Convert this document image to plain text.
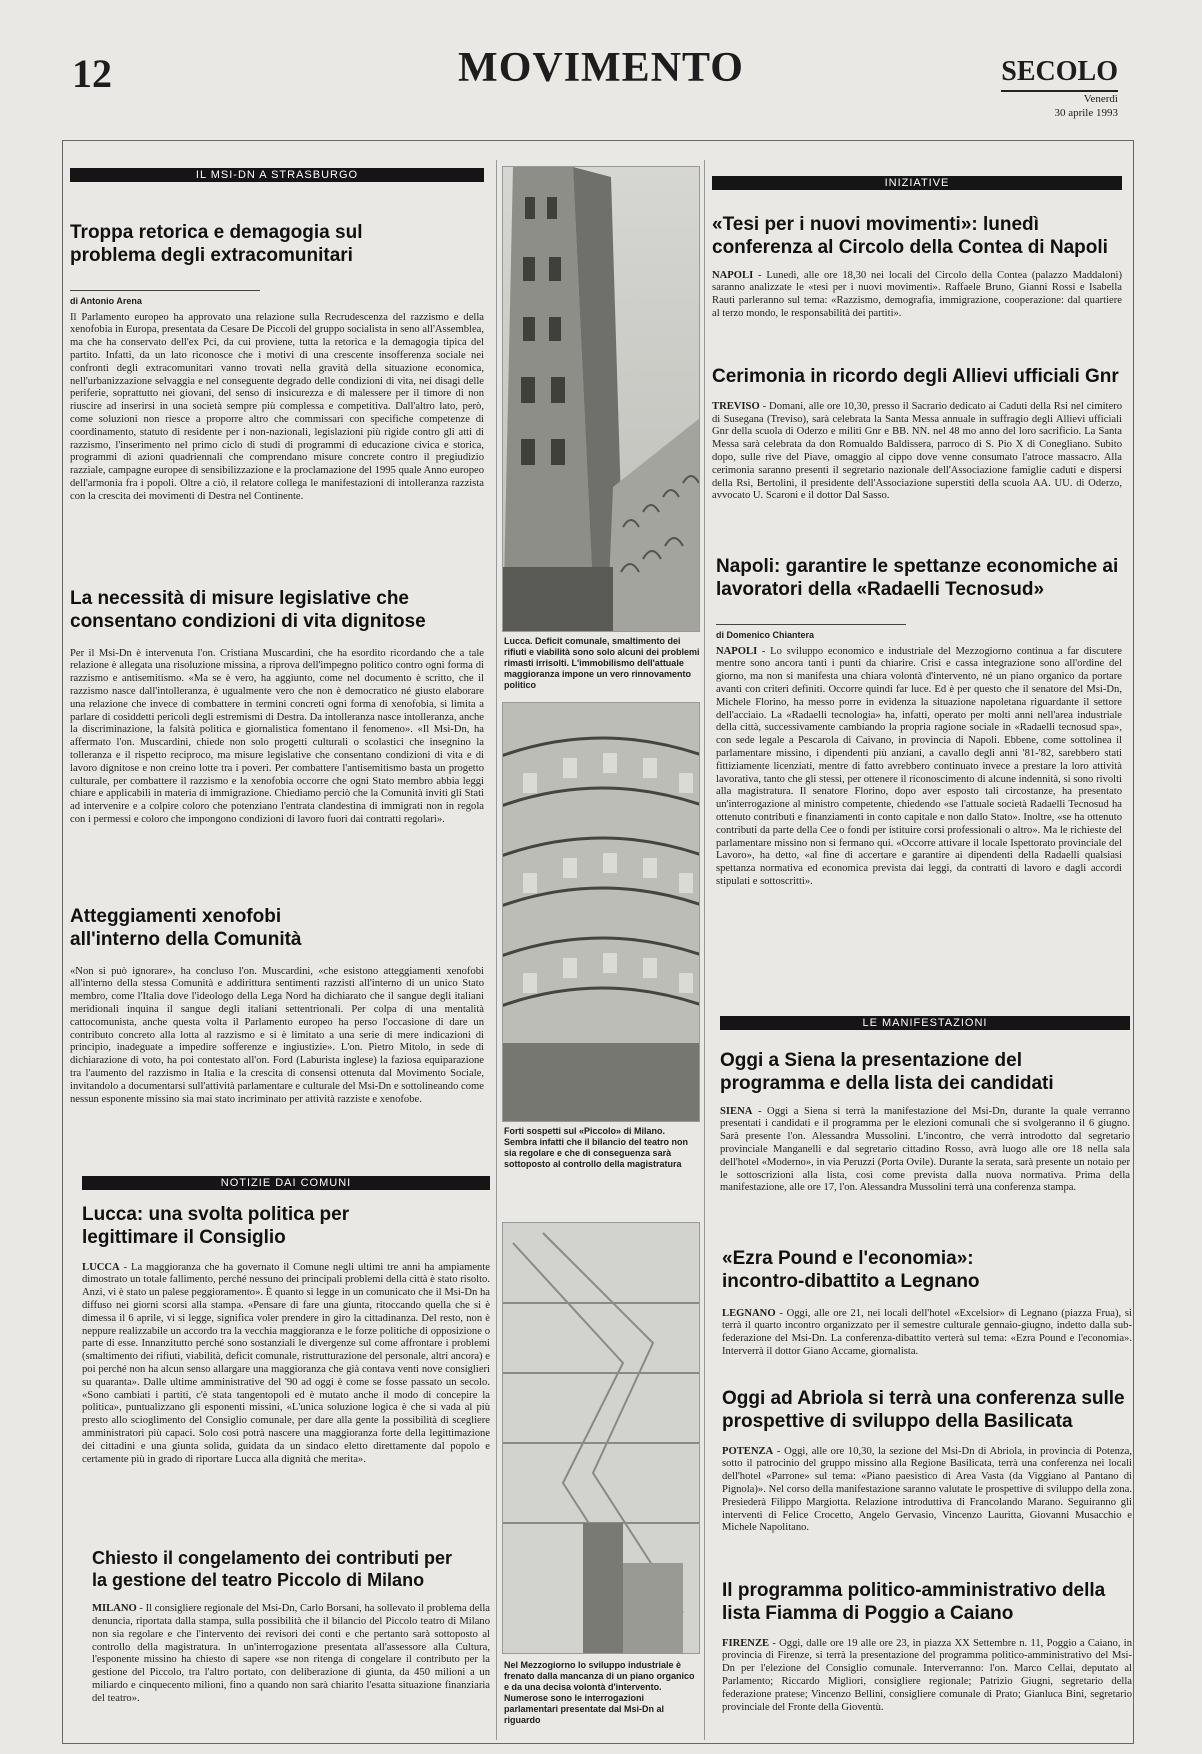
12	MOVIMENTO	SECOLO
Venerdì
30 aprile 1993
IL MSI-DN A STRASBURGO
Troppa retorica e demagogia sul problema degli extracomunitari

di Antonio Arena

Il Parlamento europeo ha approvato una relazione sulla Recrudescenza del razzismo e della xenofobia in Europa, presentata da Cesare De Piccoli del gruppo socialista in seno all'Assemblea, ma che ha conservato dell'ex Pci, da cui proviene, tutta la retorica e la demagogia tipica del partito. Infatti, da un lato riconosce che i motivi di una crescente insofferenza sociale nei confronti degli extracomunitari vanno trovati nella gravità della situazione economica, nell'urbanizzazione selvaggia e nel conseguente degrado delle condizioni di vita, nei disagi delle periferie, soprattutto nei giovani, del senso di insicurezza e di malessere per il timore di non riuscire ad inserirsi in una società sempre più complessa e competitiva. Dall'altro lato, però, come soluzioni non riesce a proporre altro che commissari con specifiche competenze di coordinamento, statuto di residente per i non-nazionali, legislazioni più rigide contro gli atti di razzismo, l'inserimento nel primo ciclo di studi di programmi di educazione civica e storica, programmi di azioni quadriennali che comprendano misure concrete contro il pregiudizio razziale, campagne europee di sensibilizzazione e la proclamazione del 1995 quale Anno europeo dell'armonia fra i popoli. Oltre a ciò, il relatore collega le manifestazioni di intolleranza razzista con la crescita dei movimenti di Destra nel Continente.

La necessità di misure legislative che consentano condizioni di vita dignitose

Per il Msi-Dn è intervenuta l'on. Cristiana Muscardini, che ha esordito ricordando che a tale relazione è allegata una risoluzione missina, a riprova dell'impegno politico contro ogni forma di razzismo e antisemitismo. «Ma se è vero, ha aggiunto, come nel documento è scritto, che il razzismo nasce dall'intolleranza, è ugualmente vero che non è democratico né giusto elaborare una relazione che invece di combattere in termini concreti ogni forma di xenofobia, si limita a parlare di cosiddetti pericoli degli estremismi di Destra. Da intolleranza nasce intolleranza, anche la discriminazione, la falsità politica e giornalistica fomentano il fenomeno». «Il Msi-Dn, ha affermato l'on. Muscardini, chiede non solo progetti culturali o scolastici che insegnino la tolleranza e il rispetto reciproco, ma misure legislative che consentano condizioni di vita e di lavoro dignitose e non creino lotte tra i poveri. Per combattere l'antisemitismo basta un progetto culturale, per combattere il razzismo e la xenofobia occorre che ogni Stato membro abbia leggi chiare e applicabili in materia di immigrazione. Chiediamo perciò che la Comunità inviti gli Stati ad intervenire e a colpire coloro che potenziano l'entrata clandestina di immigrati non in regola con i permessi e coloro che impongono condizioni di lavoro fuori dai contratti regolari».

Atteggiamenti xenofobi all'interno della Comunità

«Non si può ignorare», ha concluso l'on. Muscardini, «che esistono atteggiamenti xenofobi all'interno della stessa Comunità e addirittura sentimenti razzisti all'interno di un unico Stato membro, come l'Italia dove l'ideologo della Lega Nord ha dichiarato che il sangue degli italiani meridionali inquina il sangue degli italiani settentrionali. Per colpa di una mentalità cattocomunista, anche questa volta il Parlamento europeo ha perso l'occasione di dare un contributo concreto alla lotta al razzismo e si è limitato a una serie di mere indicazioni di principio, inadeguate a impedire sofferenze e ingiustizie». L'on. Pietro Mitolo, in sede di dichiarazione di voto, ha poi contestato all'on. Ford (Laburista inglese) la faziosa equiparazione tra l'aumento del razzismo in Italia e la crescita di consensi ottenuta dal Movimento Sociale, invitandolo a documentarsi sull'attività parlamentare e culturale del Msi-Dn e sottolineando come nessun esponente missino sia mai stato incriminato per attività razziste e xenofobe.

NOTIZIE DAI COMUNI
Lucca: una svolta politica per legittimare il Consiglio

LUCCA - La maggioranza che ha governato il Comune negli ultimi tre anni ha ampiamente dimostrato un totale fallimento, perché nessuno dei principali problemi della città è stato risolto. Anzi, vi è stato un palese peggioramento». È quanto si legge in un comunicato che il Msi-Dn ha diffuso nei giorni scorsi alla stampa. «Pensare di fare una giunta, ritoccando quella che si è dimessa il 6 aprile, vi si legge, significa voler prendere in giro la cittadinanza. Del resto, non è neppure realizzabile un accordo tra la vecchia maggioranza e le forze politiche di opposizione o parte di esse. Innanzitutto perché sono sostanziali le divergenze sul come affrontare i problemi (smaltimento dei rifiuti, viabilità, deficit comunale, ristrutturazione del personale, altri ancora) e poi perché non ha alcun senso allargare una maggioranza che già contava venti nove consiglieri su quaranta». Dalle ultime amministrative del '90 ad oggi è come se fosse passato un secolo. «Sono cambiati i partiti, c'è stata tangentopoli ed è mutato anche il modo di concepire la politica», puntualizzano gli esponenti missini, «L'unica soluzione logica è che si vada al più presto allo scioglimento del Consiglio comunale, per dare alla gente la possibilità di scegliere amministratori più capaci. Solo così potrà nascere una maggioranza forte della legittimazione dei cittadini e una giunta solida, guidata da un sindaco eletto direttamente dal popolo e certamente più in grado di riportare Lucca alla dignità che merita».

Chiesto il congelamento dei contributi per la gestione del teatro Piccolo di Milano

MILANO - Il consigliere regionale del Msi-Dn, Carlo Borsani, ha sollevato il problema della denuncia, riportata dalla stampa, sulla possibilità che il bilancio del Piccolo teatro di Milano non sia regolare e che l'intervento dei revisori dei conti e che pertanto sarà sottoposto al controllo della magistratura. In un'interrogazione presentata all'assessore alla Cultura, l'esponente missino ha chiesto di sapere «se non ritenga di congelare il contributo per la gestione del Piccolo, tra l'altro portato, con deliberazione di giunta, da 450 milioni a un miliardo e cinquecento milioni, fino a quando non sarà chiarito l'esatta situazione finanziaria del teatro».

Lucca. Deficit comunale, smaltimento dei rifiuti e viabilità sono solo alcuni dei problemi rimasti irrisolti. L'immobilismo dell'attuale maggioranza impone un vero rinnovamento politico
Forti sospetti sul «Piccolo» di Milano. Sembra infatti che il bilancio del teatro non sia regolare e che di conseguenza sarà sottoposto al controllo della magistratura
Nel Mezzogiorno lo sviluppo industriale è frenato dalla mancanza di un piano organico e da una decisa volontà d'intervento. Numerose sono le interrogazioni parlamentari presentate dal Msi-Dn al riguardo
INIZIATIVE
«Tesi per i nuovi movimenti»: lunedì conferenza al Circolo della Contea di Napoli

NAPOLI - Lunedì, alle ore 18,30 nei locali del Circolo della Contea (palazzo Maddaloni) saranno analizzate le «tesi per i nuovi movimenti». Raffaele Bruno, Gianni Rossi e Isabella Rauti parleranno sul tema: «Razzismo, demografia, immigrazione, cooperazione: dal quartiere al terzo mondo, le responsabilità dei partiti».

Cerimonia in ricordo degli Allievi ufficiali Gnr

TREVISO - Domani, alle ore 10,30, presso il Sacrario dedicato ai Caduti della Rsi nel cimitero di Susegana (Treviso), sarà celebrata la Santa Messa annuale in suffragio degli Allievi ufficiali Gnr della scuola di Oderzo e militi Gnr e BB. NN. nel 48 mo anno del loro sacrificio. La Santa Messa sarà celebrata da don Romualdo Baldissera, parroco di S. Pio X di Conegliano. Subito dopo, sulle rive del Piave, omaggio al cippo dove venne consumato l'atroce massacro. Alla cerimonia saranno presenti il segretario nazionale dell'Associazione famiglie caduti e dispersi della Rsi, Bertolini, il presidente dell'Associazione superstiti della scuola AA. UU. di Oderzo, avvocato U. Scaroni e il dottor Dal Sasso.

Napoli: garantire le spettanze economiche ai lavoratori della «Radaelli Tecnosud»

di Domenico Chiantera

NAPOLI - Lo sviluppo economico e industriale del Mezzogiorno continua a far discutere mentre sono ancora tanti i punti da chiarire. Crisi e cassa integrazione sono all'ordine del giorno, ma non si manifesta una chiara volontà d'intervento, né un piano organico da portare avanti con criteri definiti. Occorre quindi far luce. Ed è per questo che il senatore del Msi-Dn, Michele Florino, ha messo porre in evidenza la situazione napoletana riguardante il settore dell'acciaio. La «Radaelli tecnologia» ha, infatti, operato per molti anni nell'area industriale della città, successivamente cambiando la propria ragione sociale in «Radaelli tecnosud spa», con sede legale a Pescarola di Caivano, in provincia di Napoli. Ebbene, come sottolinea il parlamentare missino, i dipendenti più anziani, a cavallo degli anni '81-'82, sarebbero stati fittiziamente licenziati, mentre di fatto avrebbero continuato invece a prestare la loro attività lavorativa, tanto che gli stessi, per ottenere il riconoscimento di alcune indennità, si sono rivolti alla magistratura. Il senatore Florino, dopo aver esposto tali circostanze, ha presentato un'interrogazione al ministro competente, chiedendo «se l'attuale società Radaelli Tecnosud ha ottenuto contributi e finanziamenti in conto capitale e non dallo Stato». Inoltre, «se ha ottenuto contributi da parte della Cee o fondi per istituire corsi professionali o altro». Ma le richieste del parlamentare missino non si fermano qui. «Occorre attivare il locale Ispettorato provinciale del Lavoro», ha detto, «al fine di accertare e garantire ai dipendenti della Radaelli qualsiasi spettanza normativa ed economica prevista dai leggi, da contratti di lavoro e dagli accordi stipulati e sottoscritti».

LE MANIFESTAZIONI
Oggi a Siena la presentazione del programma e della lista dei candidati

SIENA - Oggi a Siena si terrà la manifestazione del Msi-Dn, durante la quale verranno presentati i candidati e il programma per le elezioni comunali che si svolgeranno il 6 giugno. Sarà presente l'on. Alessandra Mussolini. L'incontro, che verrà introdotto dal segretario provinciale Manganelli e dal segretario cittadino Rosso, avrà luogo alle ore 18 nella sala dell'hotel «Moderno», in via Peruzzi (Porta Ovile). Durante la serata, sarà presente un notaio per le sottoscrizioni alla lista, così come prevista dalla nuova normativa. Prima della manifestazione, alle ore 17, l'on. Alessandra Mussolini terrà una conferenza stampa.

«Ezra Pound e l'economia»: incontro-dibattito a Legnano

LEGNANO - Oggi, alle ore 21, nei locali dell'hotel «Excelsior» di Legnano (piazza Frua), si terrà il quarto incontro organizzato per il semestre culturale gennaio-giugno, indetto dalla sub-federazione del Msi-Dn. La conferenza-dibattito verterà sul tema: «Ezra Pound e l'economia». Interverrà il dottor Giano Accame, giornalista.

Oggi ad Abriola si terrà una conferenza sulle prospettive di sviluppo della Basilicata

POTENZA - Oggi, alle ore 10,30, la sezione del Msi-Dn di Abriola, in provincia di Potenza, sotto il patrocinio del gruppo missino alla Regione Basilicata, terrà una conferenza nei locali dell'hotel «Parrone» sul tema: «Piano paesistico di Area Vasta (da Viggiano al Pantano di Pignola)». Nel corso della manifestazione saranno valutate le prospettive di sviluppo della zona. Presiederà Filippo Margiotta. Relazione introduttiva di Francolando Marano. Seguiranno gli interventi di Felice Crocetto, Angelo Gervasio, Vincenzo Lauritta, Giovanni Musacchio e Michele Napolitano.

Il programma politico-amministrativo della lista Fiamma di Poggio a Caiano

FIRENZE - Oggi, dalle ore 19 alle ore 23, in piazza XX Settembre n. 11, Poggio a Caiano, in provincia di Firenze, si terrà la presentazione del programma politico-amministrativo del Msi-Dn per l'elezione del Consiglio comunale. Interverranno: l'on. Marco Cellai, deputato al Parlamento; Riccardo Migliori, consigliere regionale; Patrizio Giugni, segretario della federazione pratese; Vincenzo Bellini, consigliere comunale di Prato; Gianluca Bini, segretario provinciale del Fronte della Gioventù.
